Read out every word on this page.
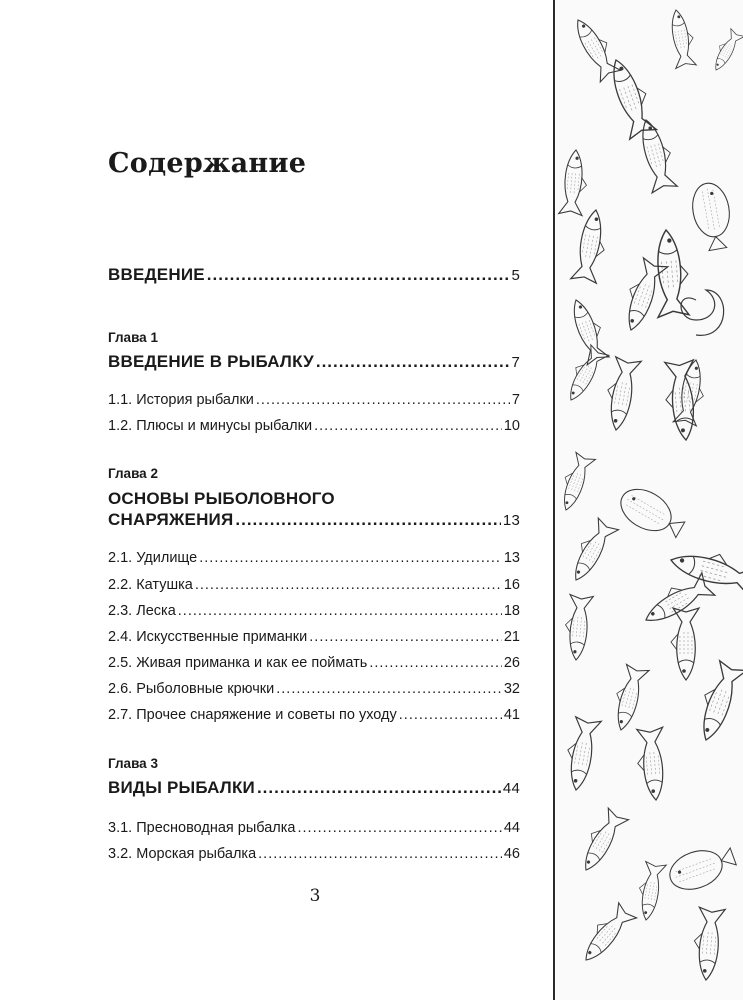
Содержание
ВВЕДЕНИЕ .....	5
Глава 1
ВВЕДЕНИЕ В РЫБАЛКУ .....	7
1.1. История рыбалки .....	7
1.2. Плюсы и минусы рыбалки .....	10
Глава 2
ОСНОВЫ РЫБОЛОВНОГО
СНАРЯЖЕНИЯ .....	13
2.1. Удилище .....	13
2.2. Катушка .....	16
2.3. Леска .....	18
2.4. Искусственные приманки .....	21
2.5. Живая приманка и как ее поймать .....	26
2.6. Рыболовные крючки .....	32
2.7. Прочее снаряжение и советы по уходу .....	41
Глава 3
ВИДЫ РЫБАЛКИ .....	44
3.1. Пресноводная рыбалка .....	44
3.2. Морская рыбалка .....	46
3
